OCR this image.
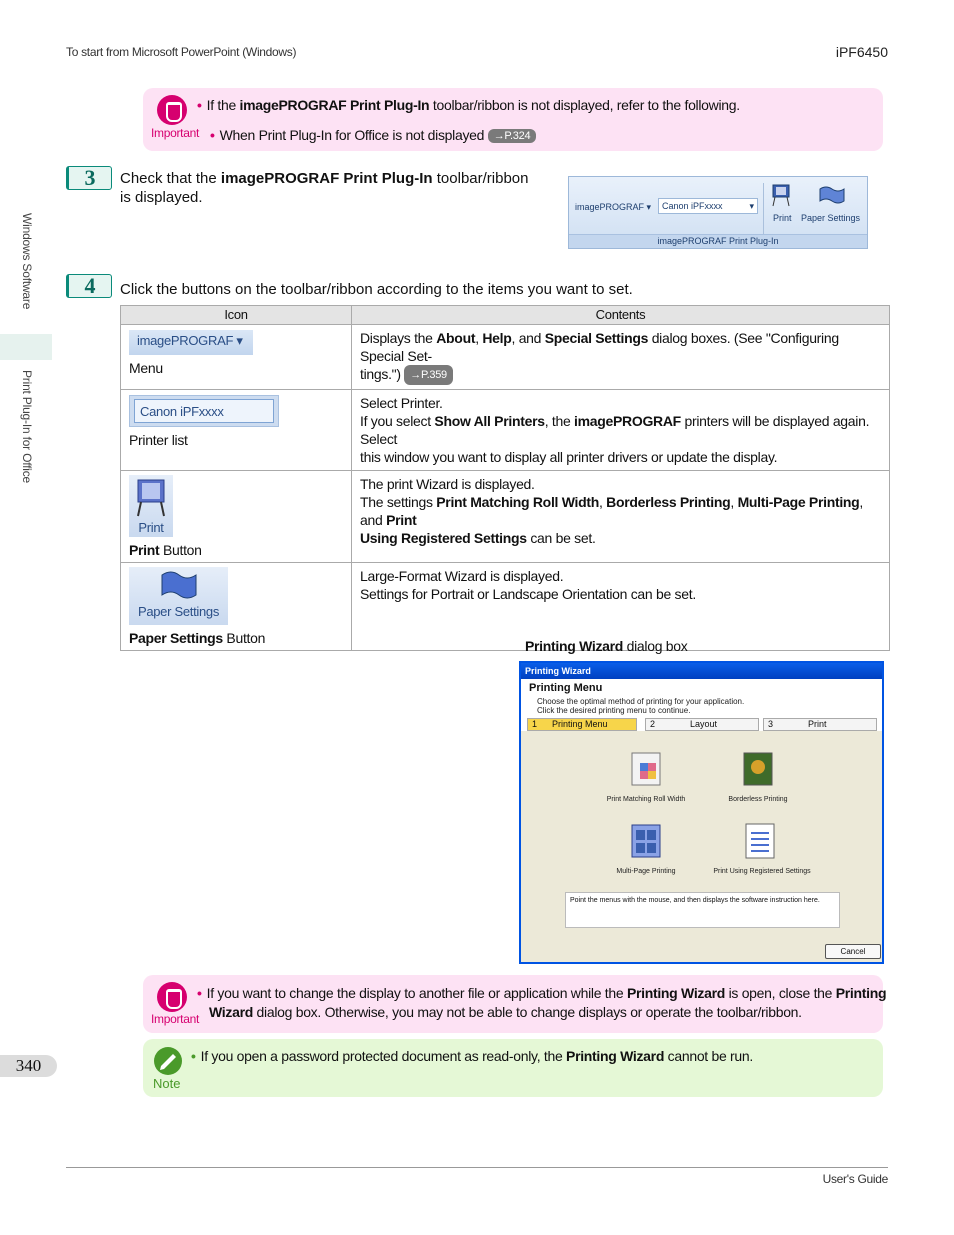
To start from Microsoft PowerPoint (Windows)	iPF6450
Windows Software
Print Plug-In for Office
340
Important
• If the imagePROGRAF Print Plug-In toolbar/ribbon is not displayed, refer to the following.
• When Print Plug-In for Office is not displayed →P.324
3	Check that the imagePROGRAF Print Plug-In toolbar/ribbon
is displayed.
imagePROGRAF ▾	Canon iPFxxxx	▾
Print Paper Settings
imagePROGRAF Print Plug-In
4	Click the buttons on the toolbar/ribbon according to the items you want to set.
Icon	Contents
imagePROGRAF ▾
Menu	Displays the About, Help, and Special Settings dialog boxes. (See "Configuring Special Set-
tings.") →P.359

Canon iPFxxxx
Printer list	Select Printer.
If you select Show All Printers, the imagePROGRAF printers will be displayed again. Select
this window you want to display all printer drivers or update the display.

Print
Print Button	The print Wizard is displayed.
The settings Print Matching Roll Width, Borderless Printing, Multi-Page Printing, and Print
Using Registered Settings can be set.

Paper Settings
Paper Settings Button	Large-Format Wizard is displayed.
Settings for Portrait or Landscape Orientation can be set.
Printing Wizard dialog box
Printing Wizard
Printing Menu
Choose the optimal method of printing for your application.
Click the desired printing menu to continue.
1 Printing Menu	2	Layout	3	Print
Print Matching Roll Width	Borderless Printing
Multi-Page Printing	Print Using Registered Settings
Point the menus with the mouse, and then displays the software instruction here.
Cancel
Important
• If you want to change the display to another file or application while the Printing Wizard is open, close the Printing
Wizard dialog box. Otherwise, you may not be able to change displays or operate the toolbar/ribbon.
Note
• If you open a password protected document as read-only, the Printing Wizard cannot be run.
User's Guide
